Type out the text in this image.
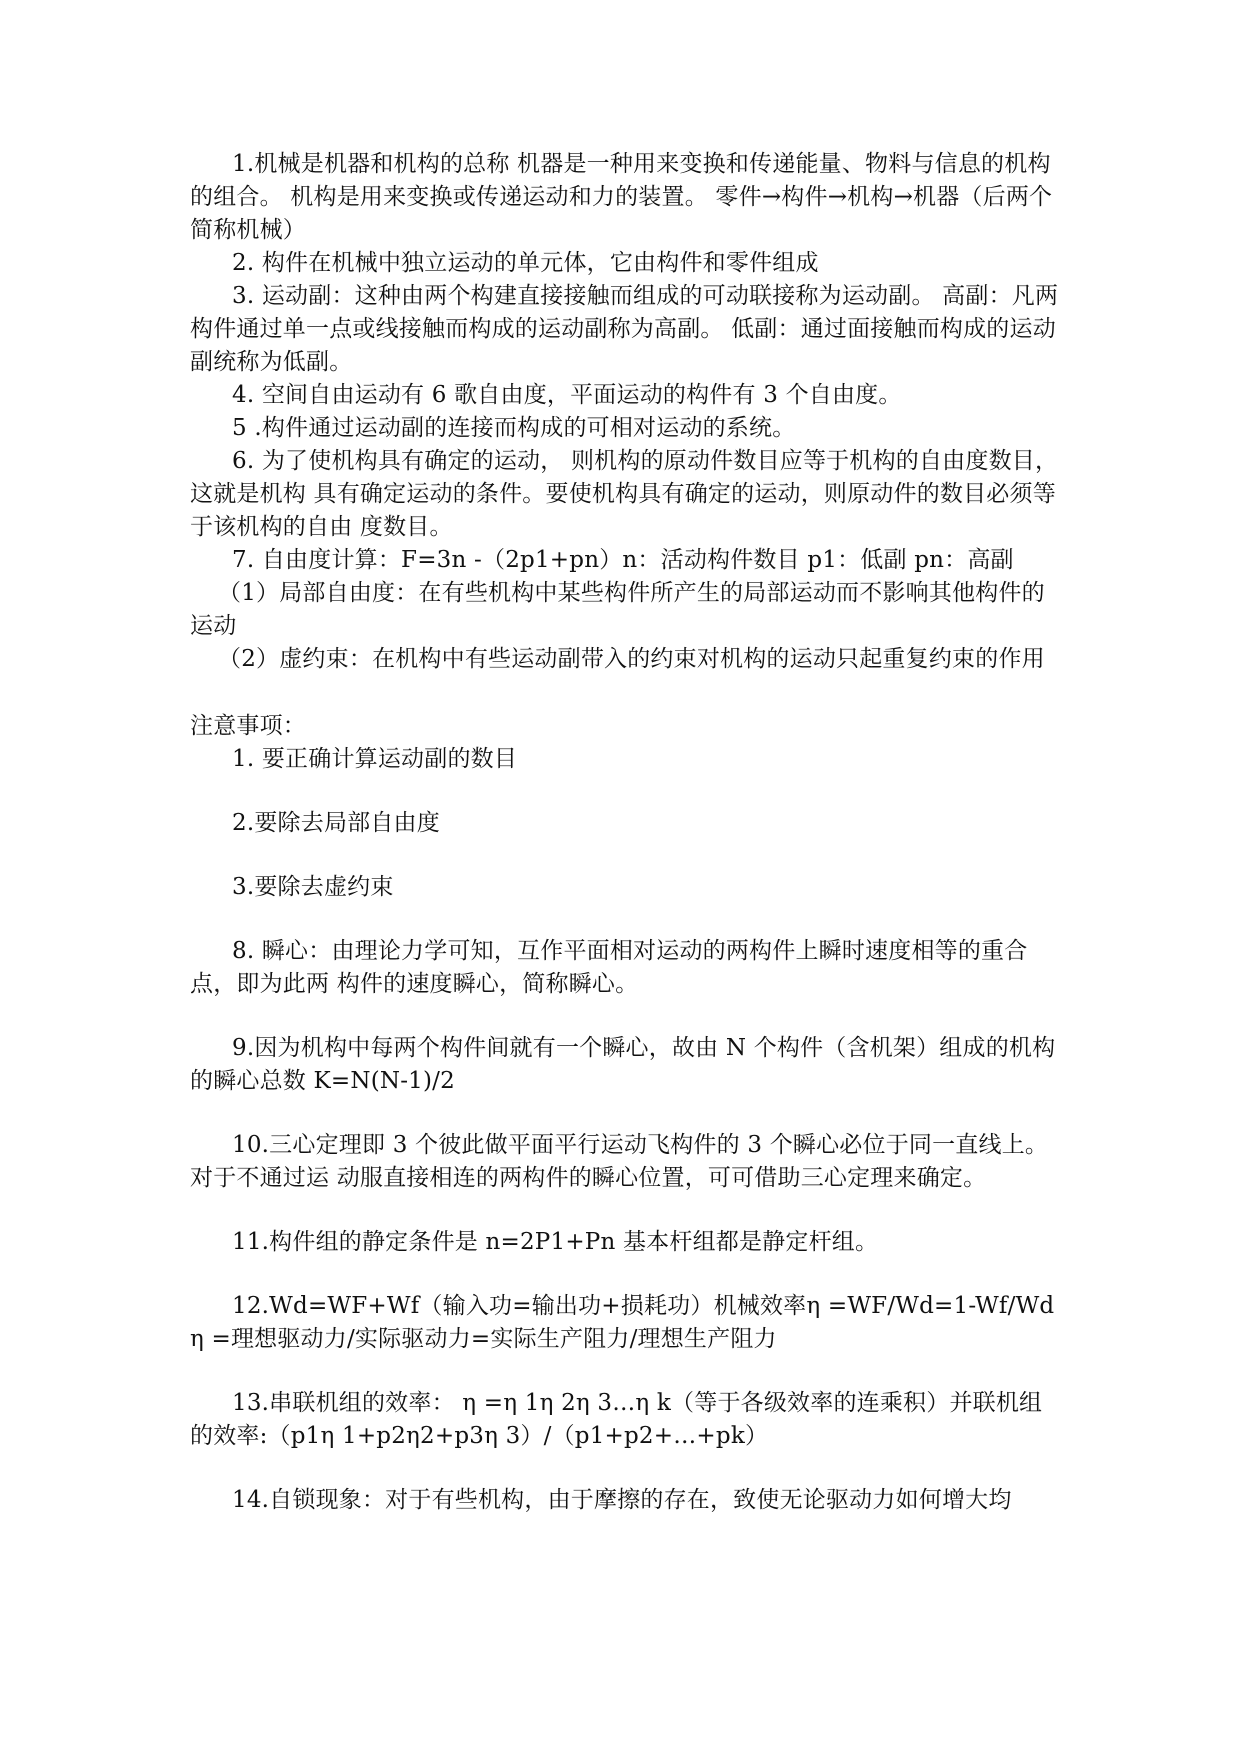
1.机械是机器和机构的总称 机器是一种用来变换和传递能量、物料与信息的机构的组合。 机构是用来变换或传递运动和力的装置。 零件→构件→机构→机器（后两个简称机械）

2. 构件在机械中独立运动的单元体，它由构件和零件组成

3. 运动副：这种由两个构建直接接触而组成的可动联接称为运动副。 高副：凡两构件通过单一点或线接触而构成的运动副称为高副。 低副：通过面接触而构成的运动副统称为低副。

4. 空间自由运动有 6 歌自由度，平面运动的构件有 3 个自由度。

5 .构件通过运动副的连接而构成的可相对运动的系统。

6. 为了使机构具有确定的运动， 则机构的原动件数目应等于机构的自由度数目， 这就是机构 具有确定运动的条件。要使机构具有确定的运动，则原动件的数目必须等于该机构的自由 度数目。

7. 自由度计算：F=3n -（2p1+pn）n：活动构件数目 p1：低副 pn：高副

（1）局部自由度：在有些机构中某些构件所产生的局部运动而不影响其他构件的运动

（2）虚约束：在机构中有些运动副带入的约束对机构的运动只起重复约束的作用

注意事项：

1. 要正确计算运动副的数目

2.要除去局部自由度

3.要除去虚约束

8. 瞬心：由理论力学可知，互作平面相对运动的两构件上瞬时速度相等的重合点，即为此两 构件的速度瞬心，简称瞬心。

9.因为机构中每两个构件间就有一个瞬心，故由 N 个构件（含机架）组成的机构的瞬心总数 K=N(N-1)/2

10.三心定理即 3 个彼此做平面平行运动飞构件的 3 个瞬心必位于同一直线上。 对于不通过运 动服直接相连的两构件的瞬心位置，可可借助三心定理来确定。

11.构件组的静定条件是 n=2P1+Pn 基本杆组都是静定杆组。

12.Wd=WF+Wf（输入功=输出功+损耗功）机械效率η =WF/Wd=1-Wf/Wd η =理想驱动力/实际驱动力=实际生产阻力/理想生产阻力

13.串联机组的效率： η =η 1η 2η 3…η k（等于各级效率的连乘积）并联机组的效率:（p1η 1+p2η2+p3η 3）/（p1+p2+…+pk）

14.自锁现象：对于有些机构，由于摩擦的存在，致使无论驱动力如何增大均
